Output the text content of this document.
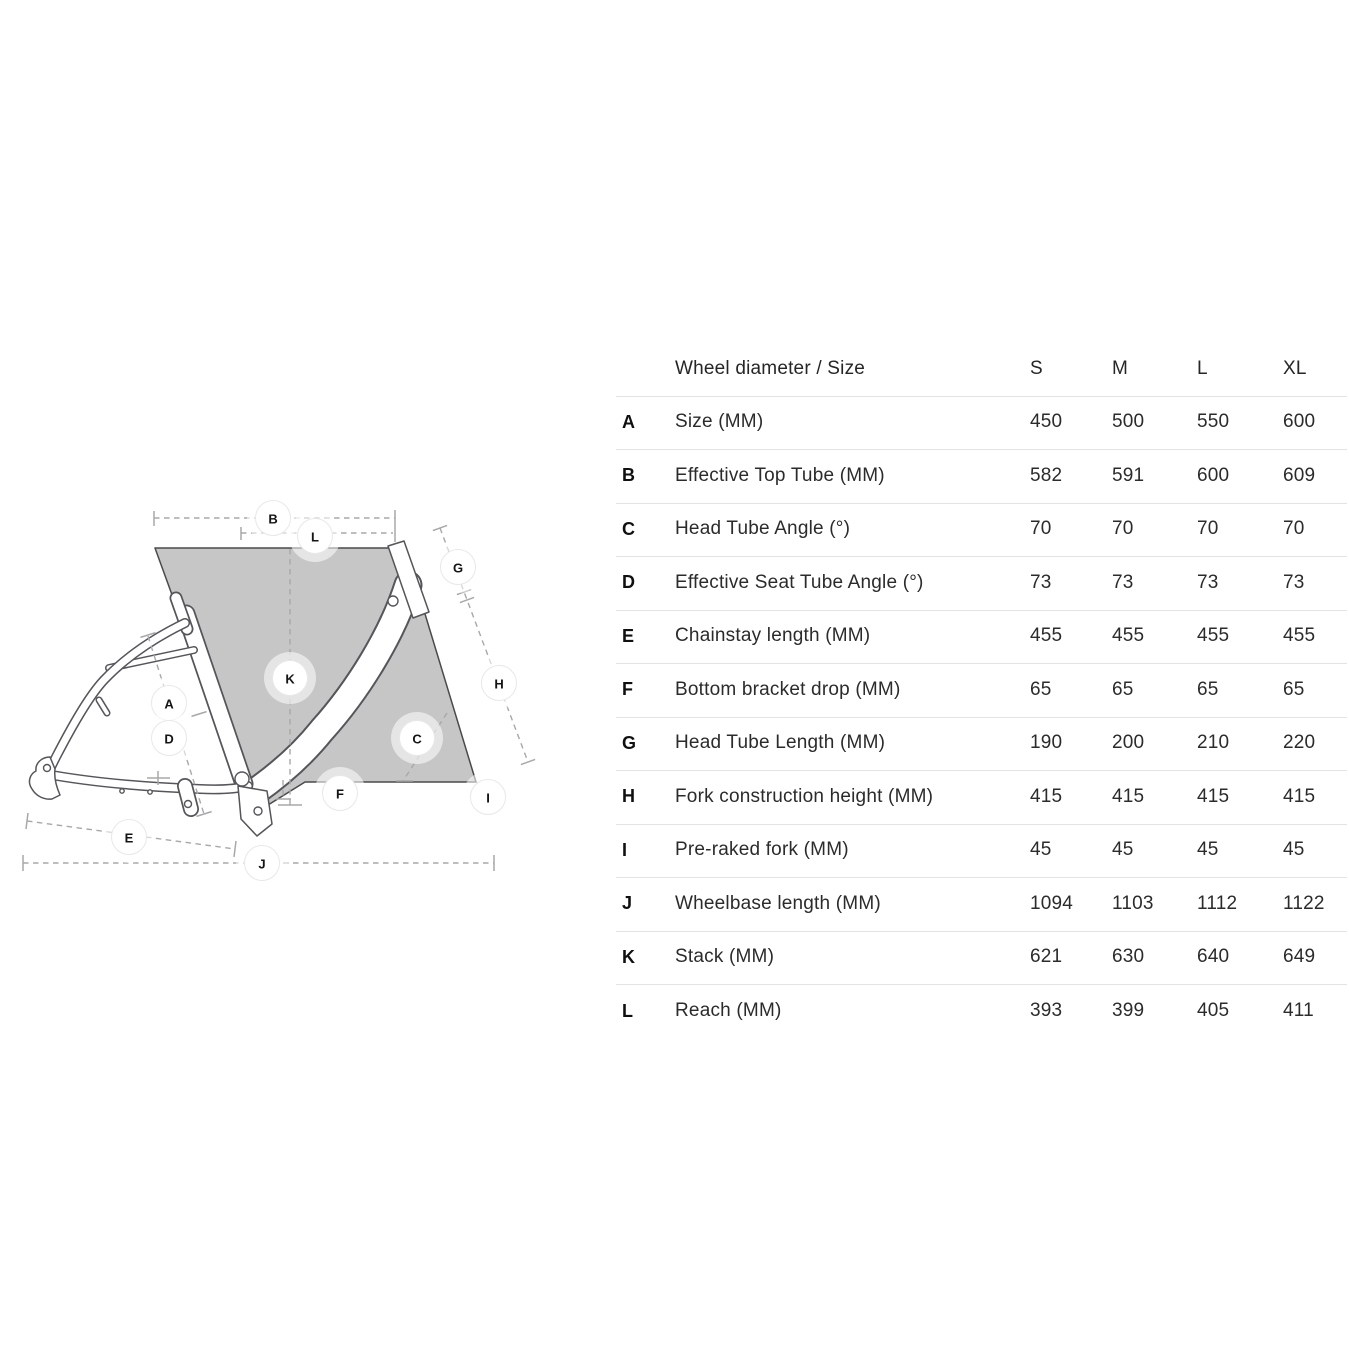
B
L
G
K
A
H
D	C
F	I
E
J
Wheel diameter / Size	S	M	L	XL
A	Size (MM)	450	500	550	600
B	Effective Top Tube (MM)	582	591	600	609
C	Head Tube Angle (°)	70	70	70	70
D	Effective Seat Tube Angle (°)	73	73	73	73
E	Chainstay length (MM)	455	455	455	455
F	Bottom bracket drop (MM)	65	65	65	65
G	Head Tube Length (MM)	190	200	210	220
H	Fork construction height (MM)	415	415	415	415
I	Pre-raked fork (MM)	45	45	45	45
J	Wheelbase length (MM)	1094	1103	1112	1122
K	Stack (MM)	621	630	640	649
L	Reach (MM)	393	399	405	411
